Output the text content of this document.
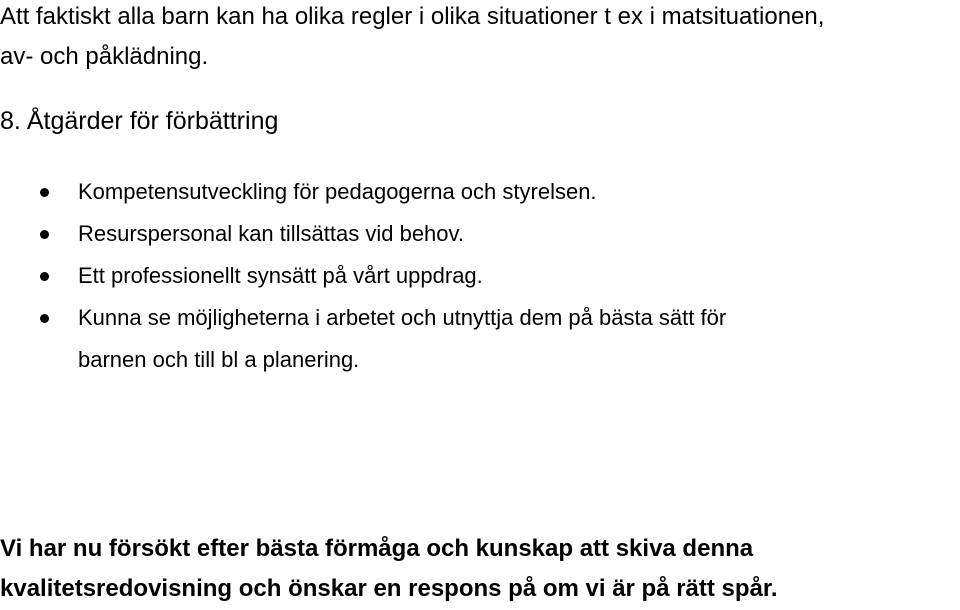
Att faktiskt alla barn kan ha olika regler i olika situationer t ex i matsituationen,
av- och påklädning.
8. Åtgärder för förbättring
Kompetensutveckling för pedagogerna och styrelsen.
Resurspersonal kan tillsättas vid behov.
Ett professionellt synsätt på vårt uppdrag.
Kunna se möjligheterna i arbetet och utnyttja dem på bästa sätt för
barnen och till bl a planering.
Vi har nu försökt efter bästa förmåga och kunskap att skiva denna
kvalitetsredovisning och önskar en respons på om vi är på rätt spår.
